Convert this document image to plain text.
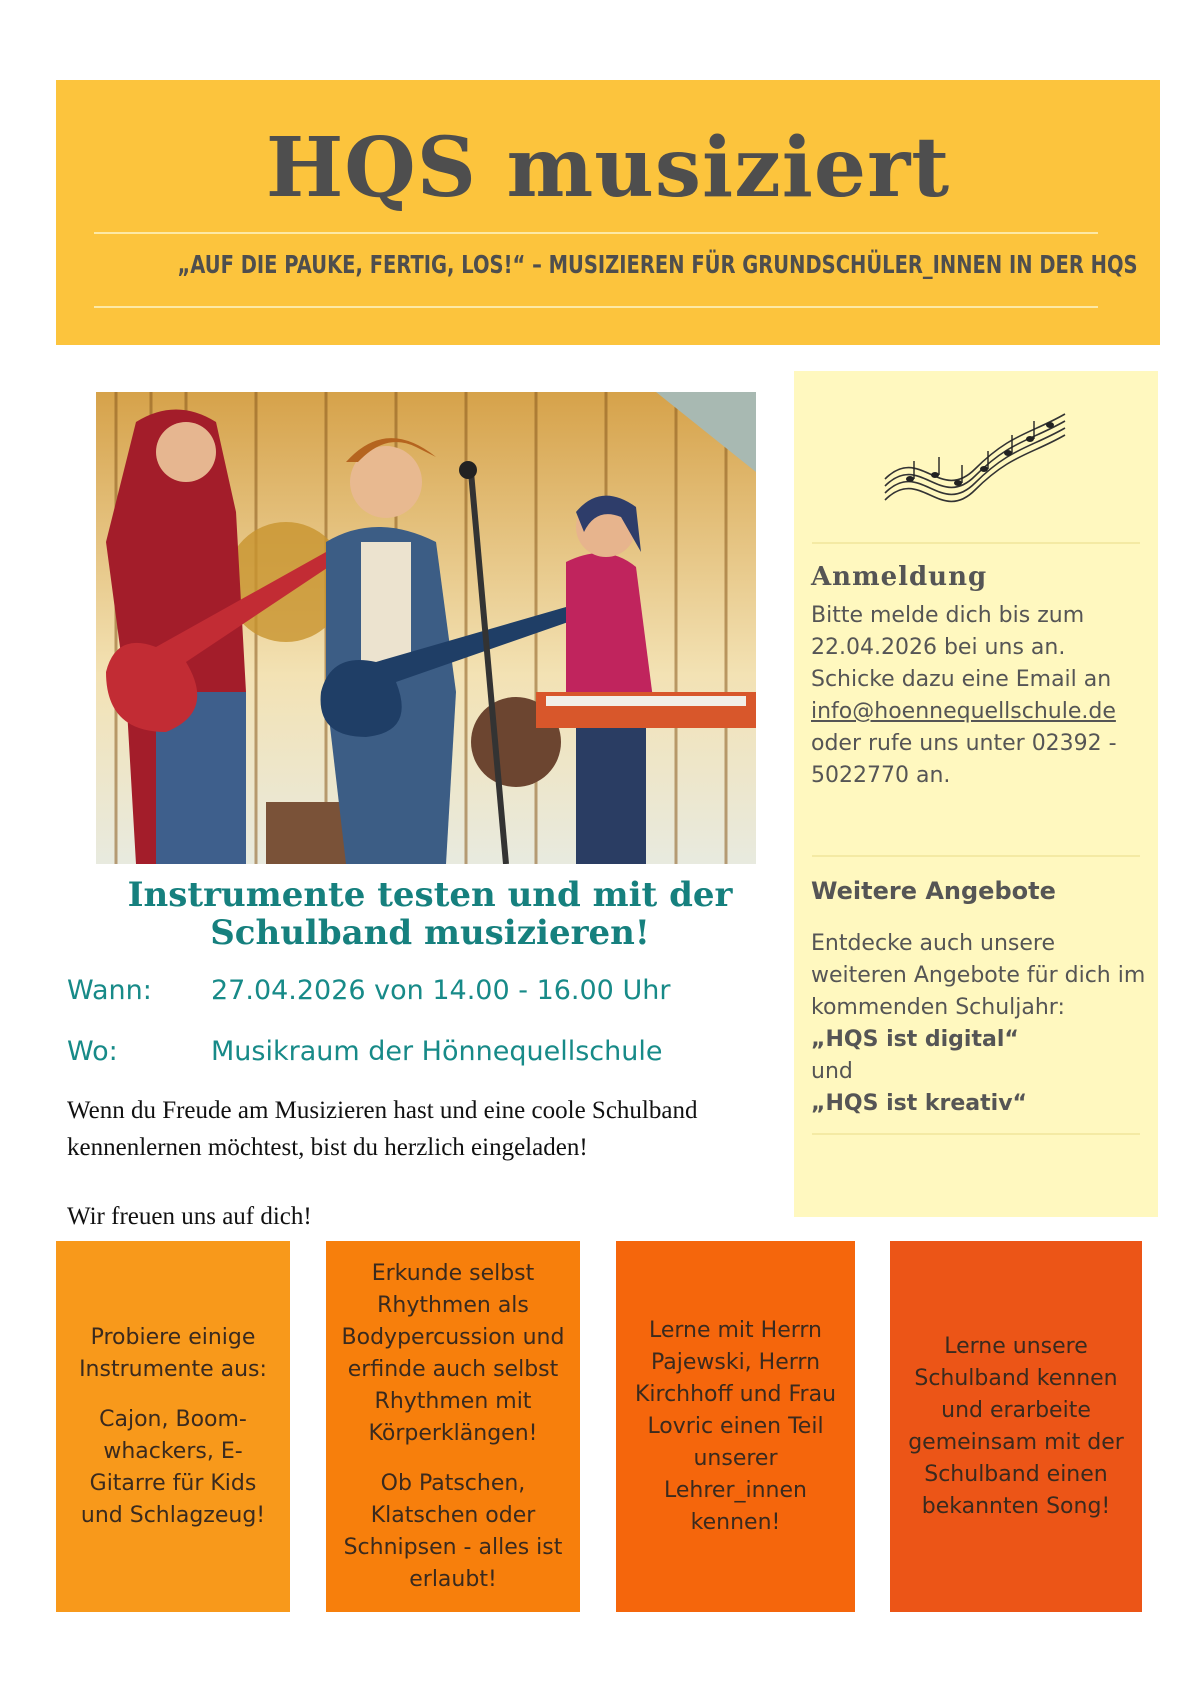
HQS musiziert
„AUF DIE PAUKE, FERTIG, LOS!“ – MUSIZIEREN FÜR GRUNDSCHÜLER_INNEN IN DER HQS
Instrumente testen und mit der Schulband musizieren!
Wann: 27.04.2026 von 14.00 - 16.00 Uhr
Wo:	Musikraum der Hönnequellschule

Wenn du Freude am Musizieren hast und eine coole Schulband kennenlernen möchtest, bist du herzlich eingeladen!

Wir freuen uns auf dich!

Anmeldung
Bitte melde dich bis zum 22.04.2026 bei uns an. Schicke dazu eine Email an info@hoennequellschule.de oder rufe uns unter 02392 - 5022770 an.
Weitere Angebote
Entdecke auch unsere weiteren Angebote für dich im kommenden Schuljahr:
„HQS ist digital“
und
„HQS ist kreativ“

Probiere einige Instrumente aus:

Cajon, Boom-whackers, E-Gitarre für Kids und Schlagzeug!

Erkunde selbst Rhythmen als Bodypercussion und erfinde auch selbst Rhythmen mit Körperklängen!

Ob Patschen, Klatschen oder Schnipsen - alles ist erlaubt!

Lerne mit Herrn Pajewski, Herrn Kirchhoff und Frau Lovric einen Teil unserer Lehrer_innen kennen!

Lerne unsere Schulband kennen und erarbeite gemeinsam mit der Schulband einen bekannten Song!
